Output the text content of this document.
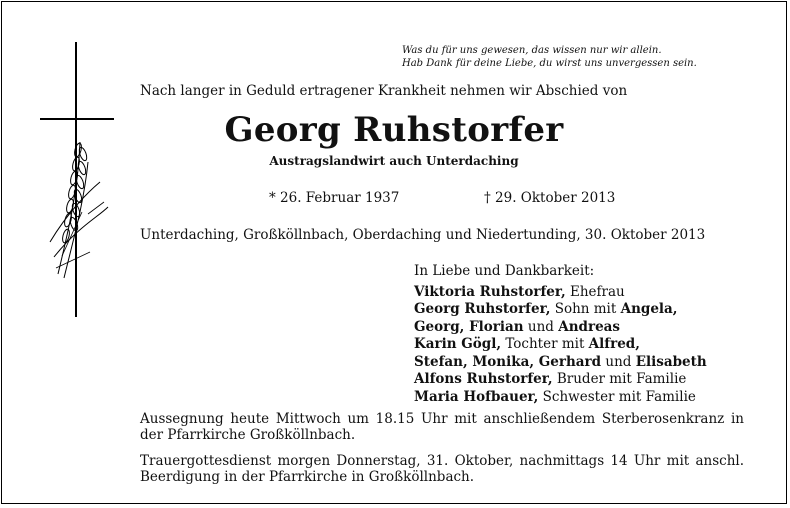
Was du für uns gewesen, das wissen nur wir allein.
Hab Dank für deine Liebe, du wirst uns unvergessen sein.
Nach langer in Geduld ertragener Krankheit nehmen wir Abschied von
Georg Ruhstorfer
Austragslandwirt auch Unterdaching
* 26. Februar 1937	† 29. Oktober 2013
Unterdaching, Großköllnbach, Oberdaching und Niedertunding, 30. Oktober 2013
In Liebe und Dankbarkeit:
Viktoria Ruhstorfer, Ehefrau
Georg Ruhstorfer, Sohn mit Angela,
Georg, Florian und Andreas
Karin Gögl, Tochter mit Alfred,
Stefan, Monika, Gerhard und Elisabeth
Alfons Ruhstorfer, Bruder mit Familie
Maria Hofbauer, Schwester mit Familie

Aussegnung heute Mittwoch um 18.15 Uhr mit anschließendem Sterberosenkranz in der Pfarrkirche Großköllnbach.

Trauergottesdienst morgen Donnerstag, 31. Oktober, nachmittags 14 Uhr mit anschl. Beerdigung in der Pfarrkirche in Großköllnbach.
